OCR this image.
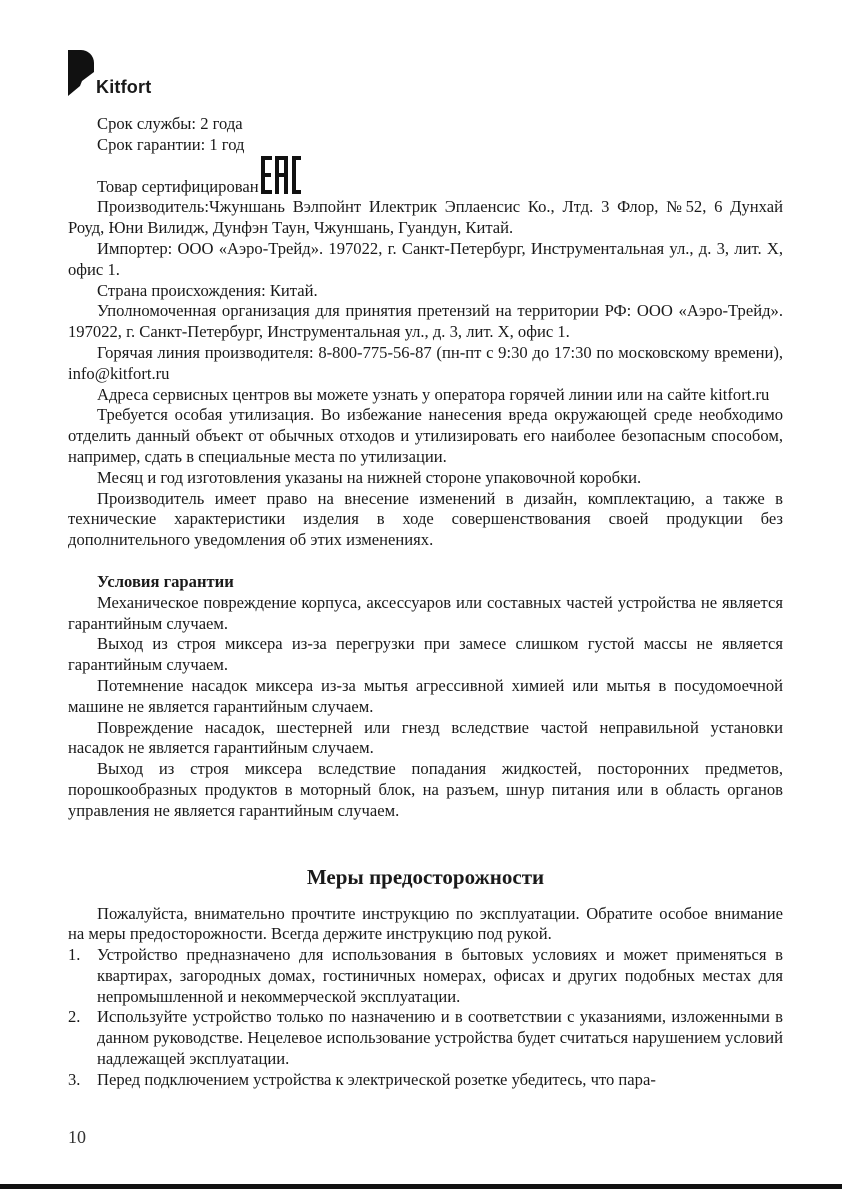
Kitfort
Срок службы: 2 года
Срок гарантии: 1 год
Товар сертифицирован

Производитель:Чжуншань Вэлпойнт Илектрик Эплаенсис Ко., Лтд. 3 Флор, №52, 6 Дунхай Роуд, Юни Вилидж, Дунфэн Таун, Чжуншань, Гуандун, Китай.

Импортер: ООО «Аэро-Трейд». 197022, г. Санкт-Петербург, Инструментальная ул., д. 3, лит. Х, офис 1.

Страна происхождения: Китай.

Уполномоченная организация для принятия претензий на территории РФ: ООО «Аэро-Трейд». 197022, г. Санкт-Петербург, Инструментальная ул., д. 3, лит. Х, офис 1.

Горячая линия производителя: 8-800-775-56-87 (пн-пт с 9:30 до 17:30 по московскому времени), info@kitfort.ru

Адреса сервисных центров вы можете узнать у оператора горячей линии или на сайте kitfort.ru

Требуется особая утилизация. Во избежание нанесения вреда окружающей среде необходимо отделить данный объект от обычных отходов и утилизировать его наиболее безопасным способом, например, сдать в специальные места по утилизации.

Месяц и год изготовления указаны на нижней стороне упаковочной коробки.

Производитель имеет право на внесение изменений в дизайн, комплектацию, а также в технические характеристики изделия в ходе совершенствования своей продукции без дополнительного уведомления об этих изменениях.

Условия гарантии

Механическое повреждение корпуса, аксессуаров или составных частей устройства не является гарантийным случаем.

Выход из строя миксера из-за перегрузки при замесе слишком густой массы не является гарантийным случаем.

Потемнение насадок миксера из-за мытья агрессивной химией или мытья в посудомоечной машине не является гарантийным случаем.

Повреждение насадок, шестерней или гнезд вследствие частой неправильной установки насадок не является гарантийным случаем.

Выход из строя миксера вследствие попадания жидкостей, посторонних предметов, порошкообразных продуктов в моторный блок, на разъем, шнур питания или в область органов управления не является гарантийным случаем.

Меры предосторожности

Пожалуйста, внимательно прочтите инструкцию по эксплуатации. Обратите особое внимание на меры предосторожности. Всегда держите инструкцию под рукой.

1. Устройство предназначено для использования в бытовых условиях и может применяться в квартирах, загородных домах, гостиничных номерах, офисах и других подобных местах для непромышленной и некоммерческой эксплуатации.
2. Используйте устройство только по назначению и в соответствии с указаниями, изложенными в данном руководстве. Нецелевое использование устройства будет считаться нарушением условий надлежащей эксплуатации.
3. Перед подключением устройства к электрической розетке убедитесь, что пара-
10
